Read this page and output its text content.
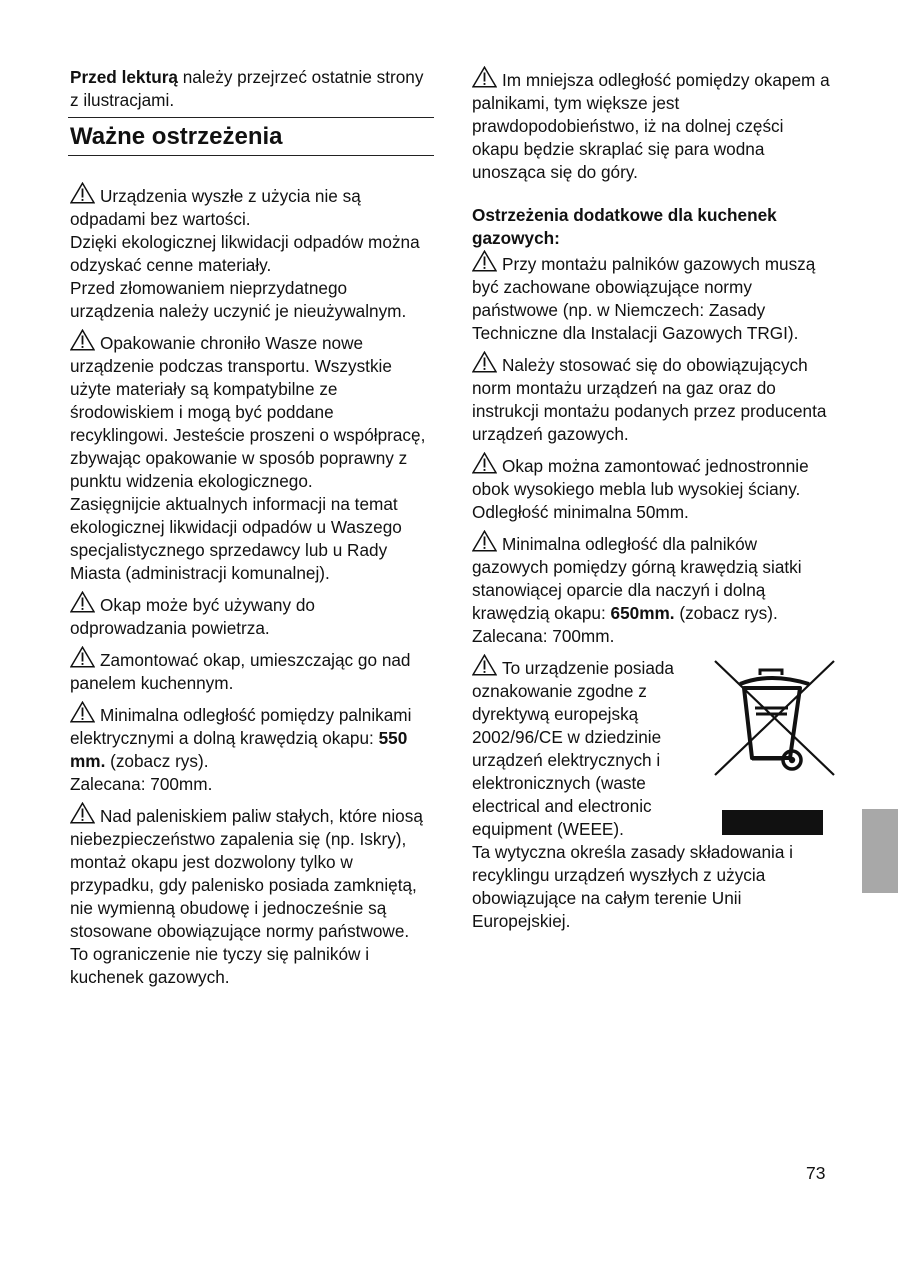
Przed lekturą należy przejrzeć ostatnie strony z ilustracjami.

Ważne ostrzeżenia

Urządzenia wyszłe z użycia nie są odpadami bez wartości.

Dzięki ekologicznej likwidacji odpadów można odzyskać cenne materiały.

Przed złomowaniem nieprzydatnego urządzenia należy uczynić je nieużywalnym.

Opakowanie chroniło Wasze nowe urządzenie podczas transportu. Wszystkie użyte materiały są kompatybilne ze środowiskiem i mogą być poddane recyklingowi. Jesteście proszeni o współpracę, zbywając opakowanie w sposób poprawny z punktu widzenia ekologicznego.

Zasięgnijcie aktualnych informacji na temat ekologicznej likwidacji odpadów u Waszego specjalistycznego sprzedawcy lub u Rady Miasta (administracji komunalnej).

Okap może być używany do odprowadzania powietrza.

Zamontować okap, umieszczając go nad panelem kuchennym.

Minimalna odległość pomiędzy palnikami elektrycznymi a dolną krawędzią okapu: 550 mm. (zobacz rys).

Zalecana: 700mm.

Nad paleniskiem paliw stałych, które niosą niebezpieczeństwo zapalenia się (np. Iskry), montaż okapu jest dozwolony tylko w przypadku, gdy palenisko posiada zamkniętą, nie wymienną obudowę i jednocześnie są stosowane obowiązujące normy państwowe.

To ograniczenie nie tyczy się palników i kuchenek gazowych.

Im mniejsza odległość pomiędzy okapem a palnikami, tym większe jest prawdopodobieństwo, iż na dolnej części okapu będzie skraplać się para wodna unosząca się do góry.

Ostrzeżenia dodatkowe dla kuchenek gazowych:

Przy montażu palników gazowych muszą być zachowane obowiązujące normy państwowe (np. w Niemczech: Zasady Techniczne dla Instalacji Gazowych TRGI).

Należy stosować się do obowiązujących norm montażu urządzeń na gaz oraz do instrukcji montażu podanych przez producenta urządzeń gazowych.

Okap można zamontować jednostronnie obok wysokiego mebla lub wysokiej ściany.

Odległość minimalna 50mm.

Minimalna odległość dla palników gazowych pomiędzy górną krawędzią siatki stanowiącej oparcie dla naczyń i dolną krawędzią okapu: 650mm. (zobacz rys).

Zalecana: 700mm.

To urządzenie posiada oznakowanie zgodne z dyrektywą europejską 2002/96/CE w dziedzinie urządzeń elektrycznych i elektronicznych (waste electrical and electronic equipment (WEEE).

Ta wytyczna określa zasady składowania i recyklingu urządzeń wyszłych z użycia obowiązujące na całym terenie Unii Europejskiej.

73
